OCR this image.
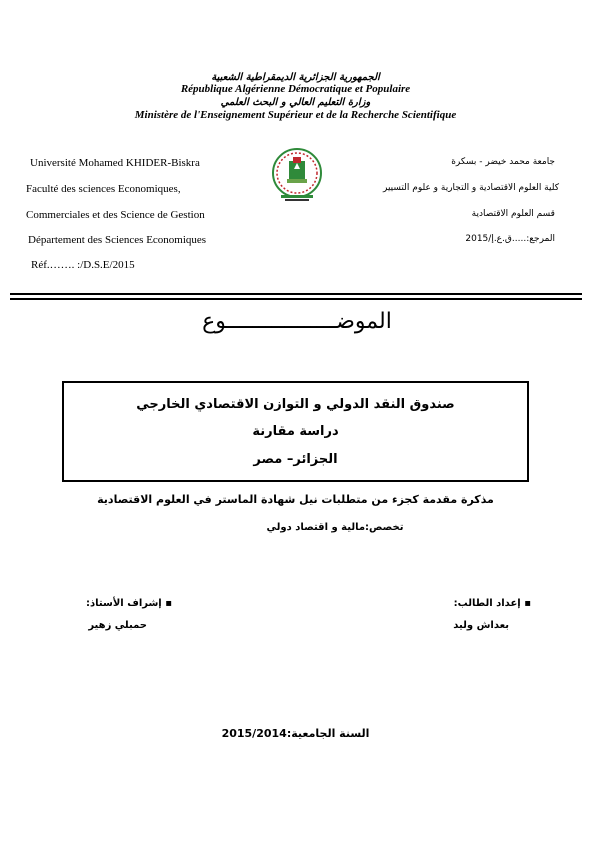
الجمهورية الجزائرية الديمقراطية الشعبية
République Algérienne Démocratique et Populaire
وزارة التعليم العالي و البحث العلمي
Ministère de l'Enseignement Supérieur et de la Recherche Scientifique
Université Mohamed KHIDER-Biskra
Faculté des sciences Economiques,
Commerciales et des Science de Gestion
Département des Sciences Economiques
Réf.……. :/D.S.E/2015
جامعة محمد خيضر - بسكرة
كلية العلوم الاقتصادية و التجارية و علوم التسيير
قسم العلوم الاقتصادية
المرجع:.....ق.ع.إ/2015
الموضـــــــــــــــــوع
صندوق النقد الدولي و التوازن الاقتصادي الخارجي
دراسة مقارنة
الجزائر– مصر
مذكرة مقدمة كجزء من متطلبات نيل شهادة الماستر في العلوم الاقتصادية
تخصص:مالية و اقتصاد دولي
▪ إعداد الطالب:
بعداش وليد
▪ إشراف الأستاذ:
حمبلي زهير
السنة الجامعية:2015/2014
